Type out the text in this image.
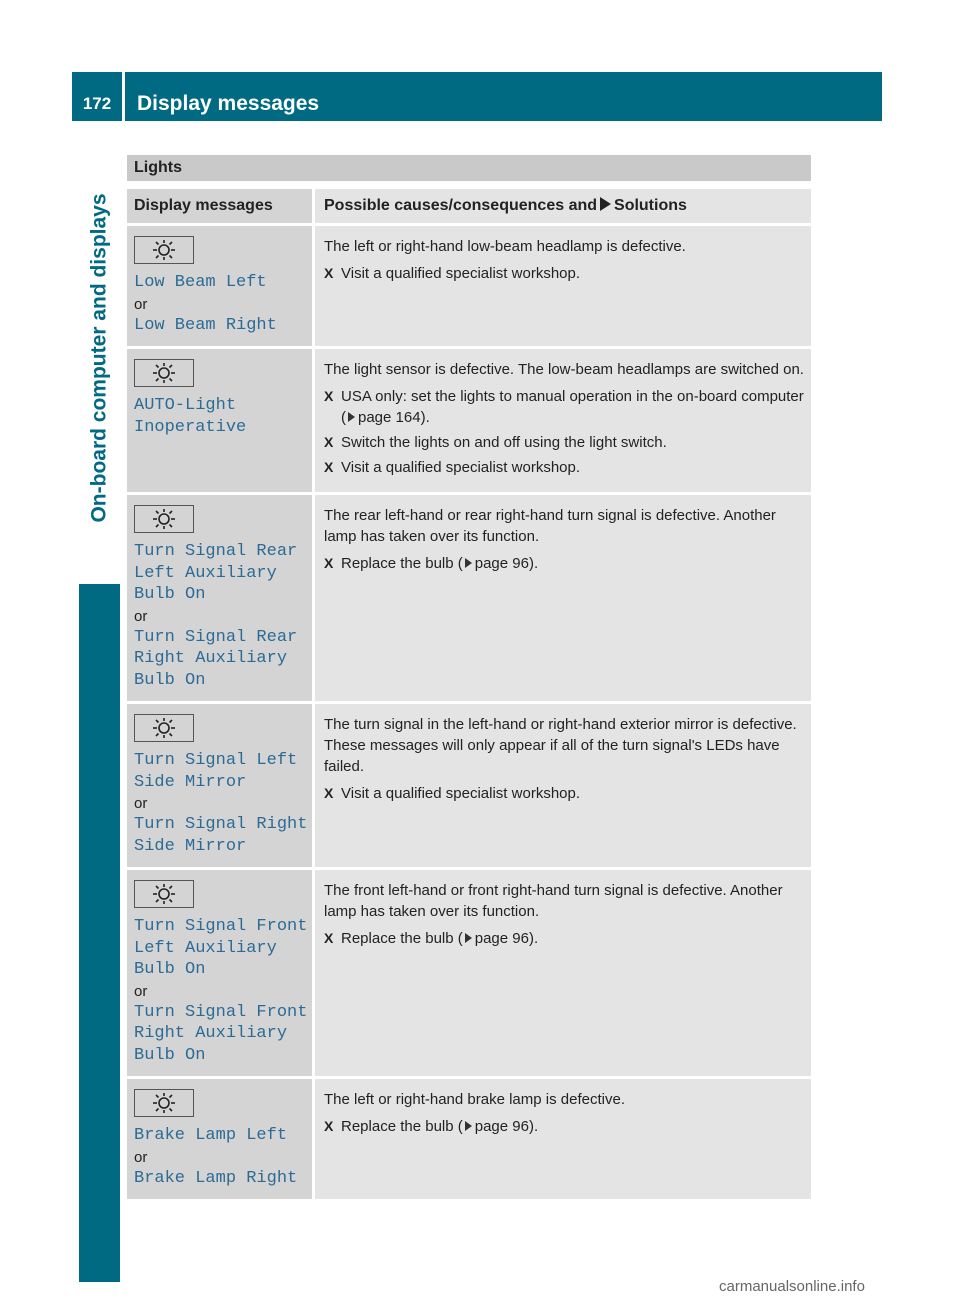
172	Display messages
On-board computer and displays
Lights
Display messages	Possible causes/consequences and Solutions
Low Beam Left
or
Low Beam Right
The left or right-hand low-beam headlamp is defective.
X Visit a qualified specialist workshop.
AUTO-Light
Inoperative
The light sensor is defective. The low-beam headlamps are switched on.
X USA only: set the lights to manual operation in the on-board computer ( page 164).
X Switch the lights on and off using the light switch.
X Visit a qualified specialist workshop.
Turn Signal Rear
Left Auxiliary
Bulb On
or
Turn Signal Rear
Right Auxiliary
Bulb On
The rear left-hand or rear right-hand turn signal is defective. Another lamp has taken over its function.
X Replace the bulb ( page 96).
Turn Signal Left
Side Mirror
or
Turn Signal Right
Side Mirror
The turn signal in the left-hand or right-hand exterior mirror is defective. These messages will only appear if all of the turn signal's LEDs have failed.
X Visit a qualified specialist workshop.
Turn Signal Front
Left Auxiliary
Bulb On
or
Turn Signal Front
Right Auxiliary
Bulb On
The front left-hand or front right-hand turn signal is defective. Another lamp has taken over its function.
X Replace the bulb ( page 96).
Brake Lamp Left
or
Brake Lamp Right
The left or right-hand brake lamp is defective.
X Replace the bulb ( page 96).
carmanualsonline.info
